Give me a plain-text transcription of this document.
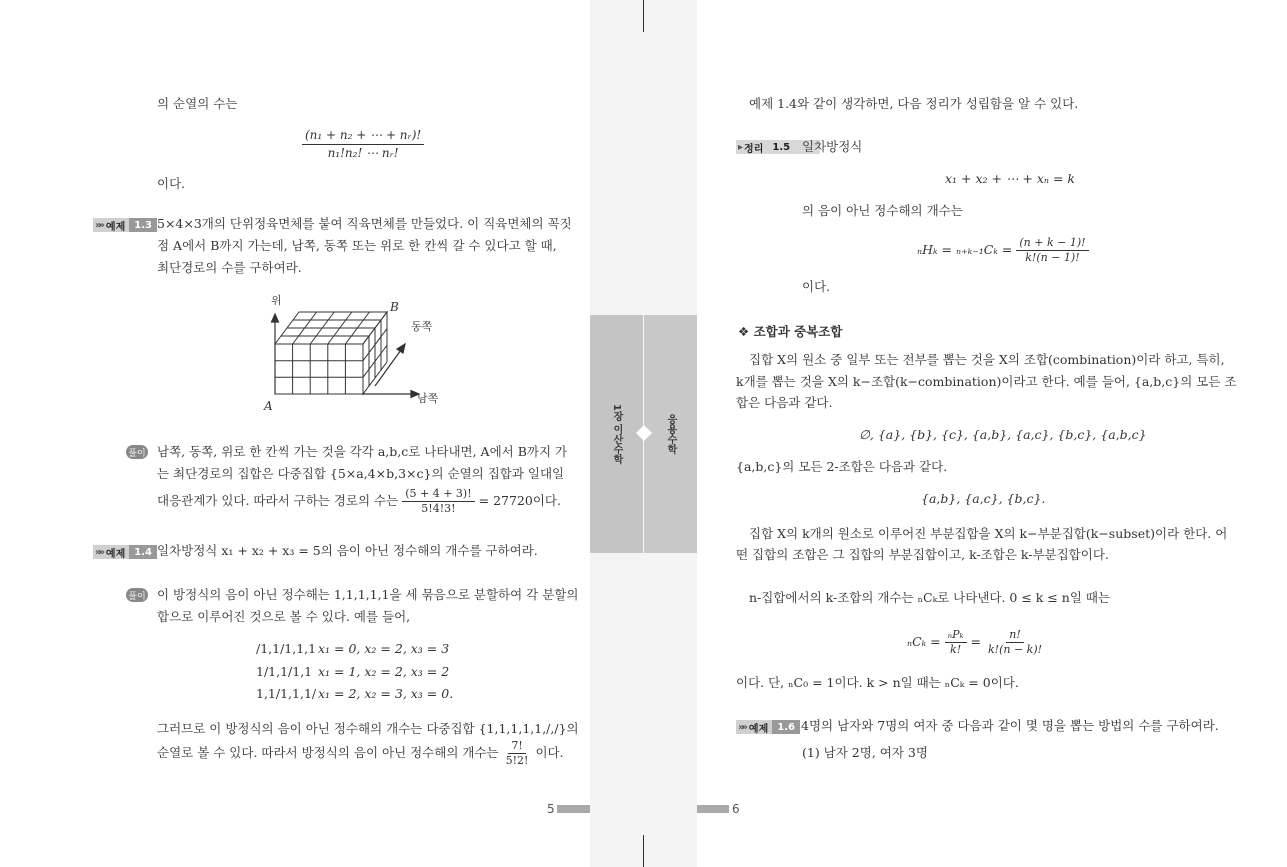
의 순열의 수는
$\frac{\text{(n₁ + n₂ + ⋯ + nᵣ)!}}{\text{n₁!n₂! ⋯ nᵣ!}}$
이다.
»» 예제 1.3 5×4×3개의 단위정육면체를 붙여 직육면체를 만들었다. 이 직육면체의 꼭짓
점 A에서 B까지 가는데, 남쪽, 동쪽 또는 위로 한 칸씩 갈 수 있다고 할 때,
최단경로의 수를 구하여라.
위	B
동쪽
A
남쪽
풀이 남쪽, 동쪽, 위로 한 칸씩 가는 것을 각각 a,b,c로 나타내면, A에서 B까지 가
는 최단경로의 집합은 다중집합 {5×a,4×b,3×c}의 순열의 집합과 일대일
대응관계가 있다. 따라서 구하는 경로의 수는 $\frac{(5 + 4 + 3)!}{5!4!3!} = 27720$이다.
»» 예제 1.4 일차방정식 x₁ + x₂ + x₃ = 5의 음이 아닌 정수해의 개수를 구하여라.
풀이 이 방정식의 음이 아닌 정수해는 1,1,1,1,1을 세 묶음으로 분할하여 각 분할의
합으로 이루어진 것으로 볼 수 있다. 예를 들어,
/1,1/1,1,1 x₁ = 0, x₂ = 2, x₃ = 3
1/1,1/1,1 x₁ = 1, x₂ = 2, x₃ = 2
1,1/1,1,1/ x₁ = 2, x₂ = 3, x₃ = 0.
그러므로 이 방정식의 음이 아닌 정수해의 개수는 다중집합 {1,1,1,1,1,/,/}의
순열로 볼 수 있다. 따라서 방정식의 음이 아닌 정수해의 개수는 $\frac{7!}{5!2!}$ 이다.
5
1장 이산수학	응용수학
예제 1.4와 같이 생각하면, 다음 정리가 성립함을 알 수 있다.
▸ 정리 1.5 일차방정식
x₁ + x₂ + ⋯ + xₙ = k
의 음이 아닌 정수해의 개수는
$_nH_k = _{n+k-1}C_k = \frac{(n + k - 1)!}{k!(n - 1)!}$
이다.
❖ 조합과 중복조합
집합 X의 원소 중 일부 또는 전부를 뽑는 것을 X의 조합(combination)이라 하고, 특히,
k개를 뽑는 것을 X의 k−조합(k−combination)이라고 한다. 예를 들어, {a,b,c}의 모든 조
합은 다음과 같다.
∅, {a}, {b}, {c}, {a,b}, {a,c}, {b,c}, {a,b,c}
{a,b,c}의 모든 2-조합은 다음과 같다.
{a,b}, {a,c}, {b,c}.
집합 X의 k개의 원소로 이루어진 부분집합을 X의 k−부분집합(k−subset)이라 한다. 어
떤 집합의 조합은 그 집합의 부분집합이고, k-조합은 k-부분집합이다.
n-집합에서의 k-조합의 개수는 ₙCₖ로 나타낸다. 0 ≤ k ≤ n일 때는
$_nC_k = \frac{\text{ₙPₖ}}{k!} = \frac{n!}{k!(n - k)!}$
이다. 단, ₙC₀ = 1이다. k > n일 때는 ₙCₖ = 0이다.
»» 예제 1.6 4명의 남자와 7명의 여자 중 다음과 같이 몇 명을 뽑는 방법의 수를 구하여라.
(1) 남자 2명, 여자 3명
6
